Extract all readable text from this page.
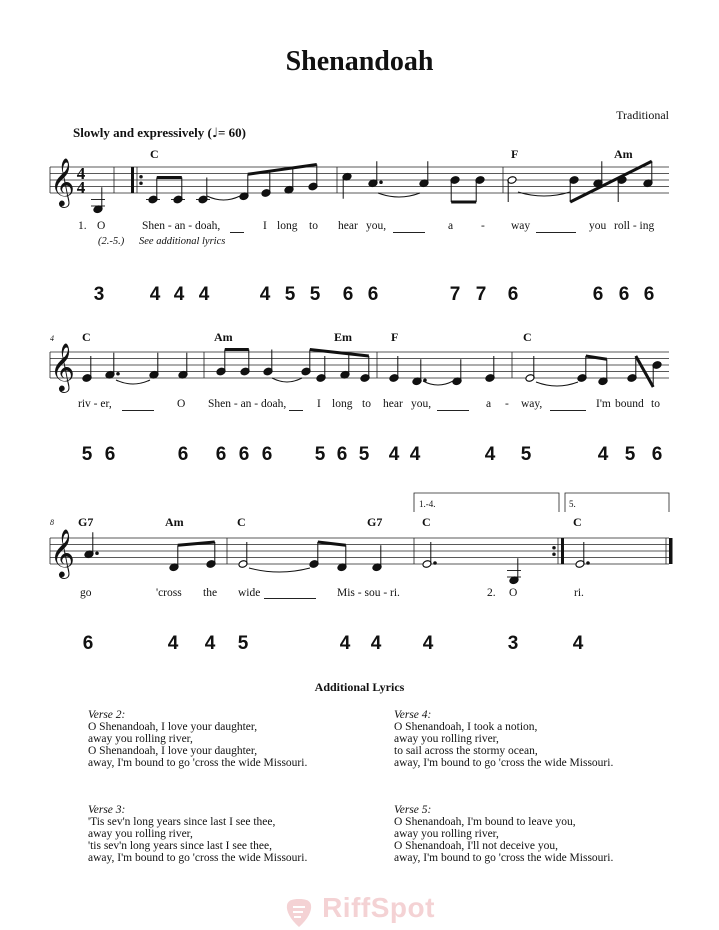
Shenandoah
Traditional
Slowly and expressively (♩= 60)
4
4
𝄞
𝄞
𝄞
4
8
C	F	Am
C	Am	Em	F	C
G7	Am	C	G7	C	C
1.-4.	5.
1. O	Shen - an - doah,	I long to hear you,	a - way	you roll - ing
(2.-5.) See additional lyrics
riv - er,	O Shen - an - doah,	I long to hear you,	a - way,	I'm bound to
go	'cross the wide	Mis - sou - ri.	2. O	ri.
3 4 4 4	4 5 5 6 6	7 7 6	6 6 6
5 6	6 6 6 6 5 6 5 4 4	4 5	4 5 6
6	4 4 5	4 4 4	3	4
Additional Lyrics
Verse 2:
O Shenandoah, I love your daughter,
away you rolling river,
O Shenandoah, I love your daughter,
away, I'm bound to go 'cross the wide Missouri.
Verse 4:
O Shenandoah, I took a notion,
away you rolling river,
to sail across the stormy ocean,
away, I'm bound to go 'cross the wide Missouri.
Verse 3:
'Tis sev'n long years since last I see thee,
away you rolling river,
'tis sev'n long years since last I see thee,
away, I'm bound to go 'cross the wide Missouri.
Verse 5:
O Shenandoah, I'm bound to leave you,
away you rolling river,
O Shenandoah, I'll not deceive you,
away, I'm bound to go 'cross the wide Missouri.
RiffSpot
